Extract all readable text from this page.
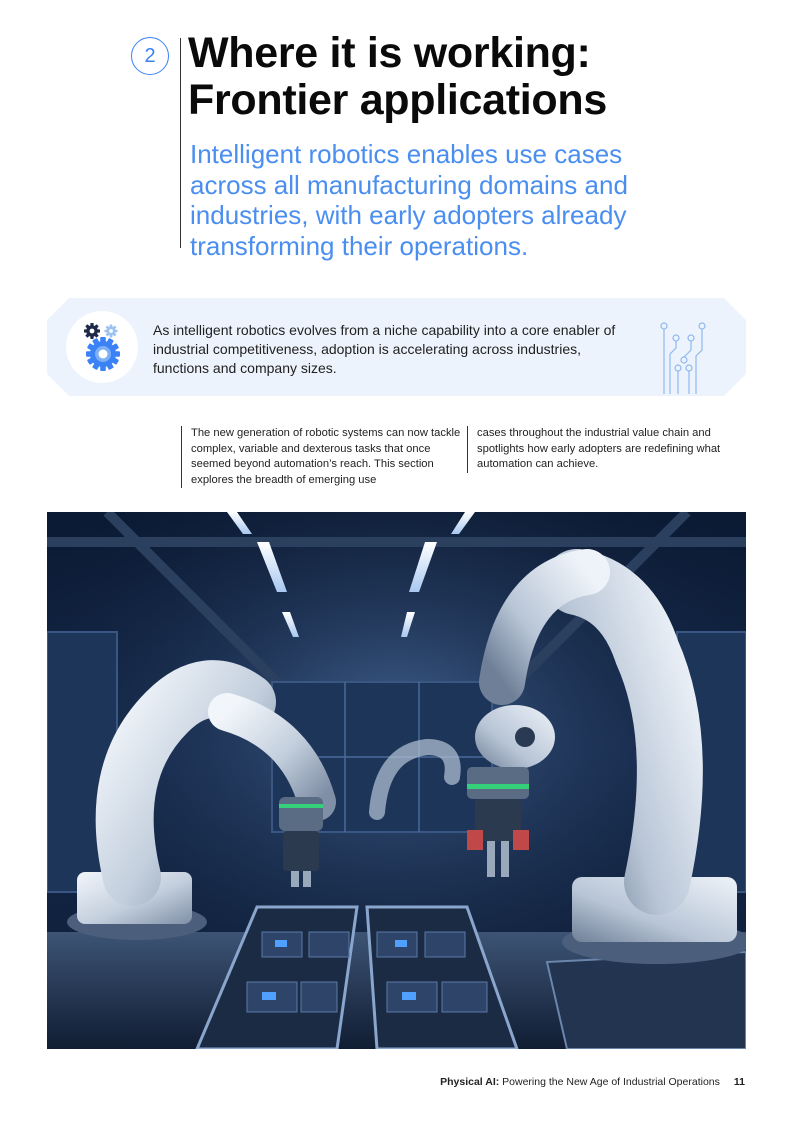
2 Where it is working:
Frontier applications

Intelligent robotics enables use cases across all manufacturing domains and industries, with early adopters already transforming their operations.

As intelligent robotics evolves from a niche capability into a core enabler of industrial competitiveness, adoption is accelerating across industries, functions and company sizes.

The new generation of robotic systems can now tackle complex, variable and dexterous tasks that once seemed beyond automation’s reach. This section explores the breadth of emerging use

cases throughout the industrial value chain and spotlights how early adopters are redefining what automation can achieve.

Physical AI: Powering the New Age of Industrial Operations 11
